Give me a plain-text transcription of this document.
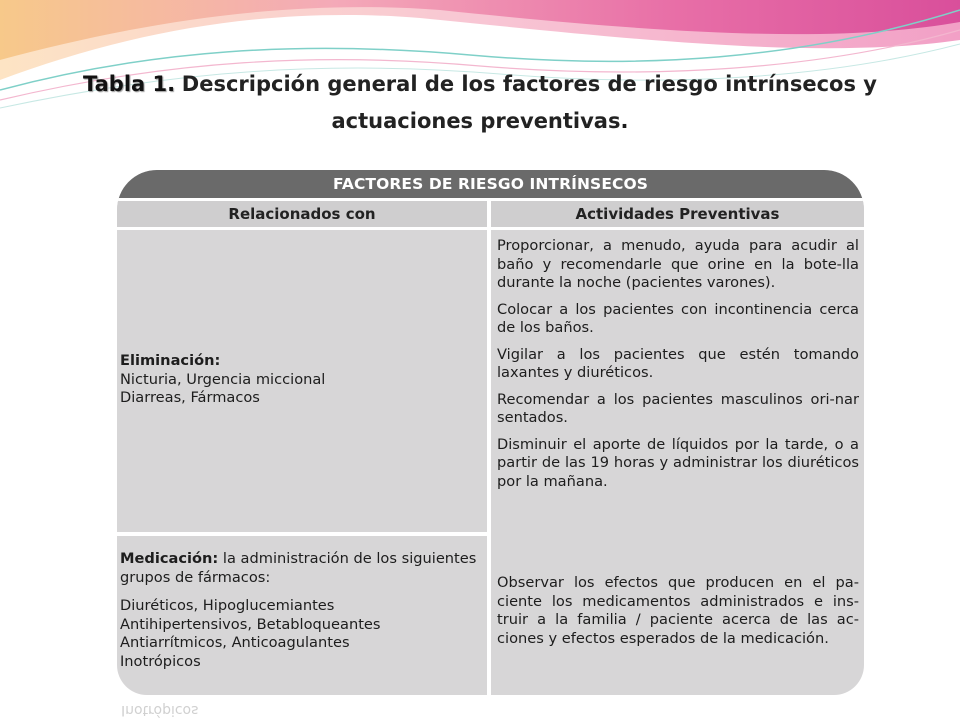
Tabla 1. Descripción general de los factores de riesgo intrínsecos y actuaciones preventivas.
FACTORES DE RIESGO INTRÍNSECOS
Relacionados con	Actividades Preventivas
Eliminación:
Nicturia, Urgencia miccional
Diarreas, Fármacos

Medicación: la administración de los siguientes grupos de fármacos:

Diuréticos, Hipoglucemiantes

Antihipertensivos, Betabloqueantes

Antiarrítmicos, Anticoagulantes

Inotrópicos

Proporcionar, a menudo, ayuda para acudir al baño y recomendarle que orine en la bote-lla durante la noche (pacientes varones).

Colocar a los pacientes con incontinencia cerca de los baños.

Vigilar a los pacientes que estén tomando laxantes y diuréticos.

Recomendar a los pacientes masculinos ori-nar sentados.

Disminuir el aporte de líquidos por la tarde, o a partir de las 19 horas y administrar los diuréticos por la mañana.

Observar los efectos que producen en el pa-ciente los medicamentos administrados e ins-truir a la familia / paciente acerca de las ac-ciones y efectos esperados de la medicación.

Inotrópicos
